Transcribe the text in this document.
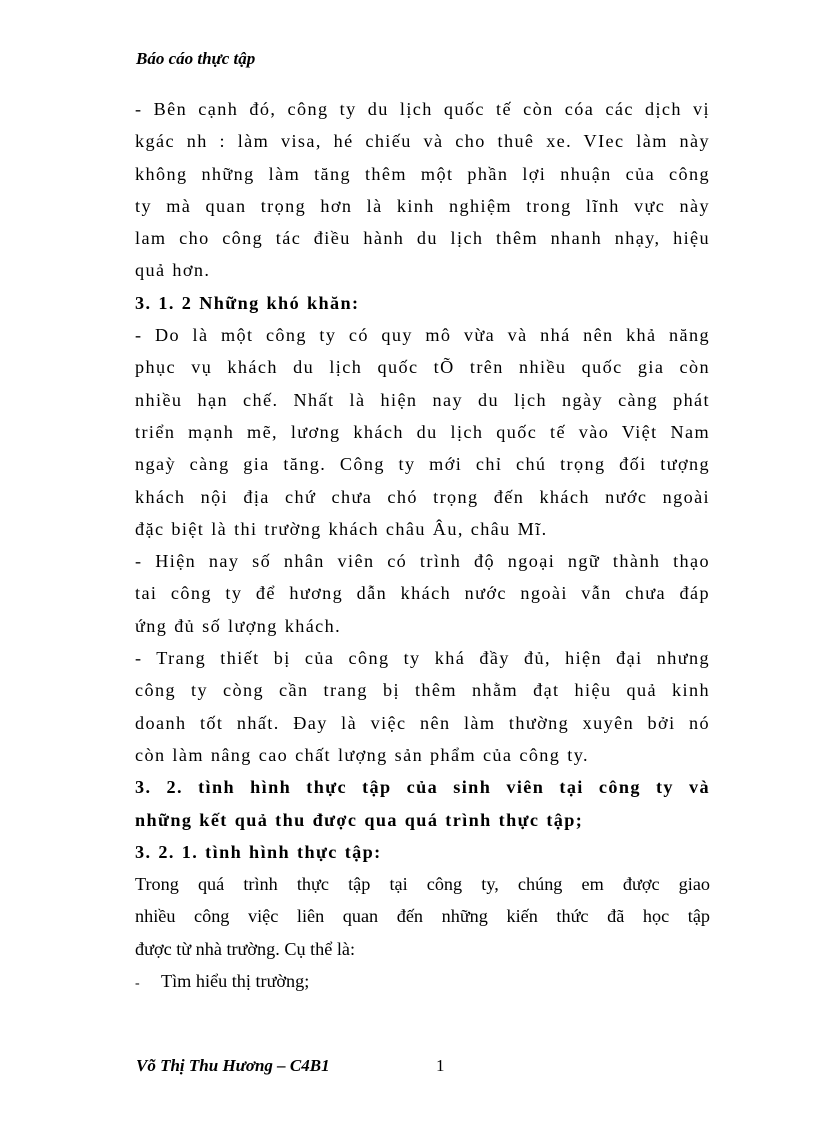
Báo cáo thực tập
- Bên cạnh đó, công ty du lịch quốc tế còn cóa các dịch vị
kgác nh : làm visa, hé chiếu và cho thuê xe. VIec làm này
không những làm tăng thêm một phần lợi nhuận của công
ty mà quan trọng hơn là kinh nghiệm trong lĩnh vực này
lam cho công tác điều hành du lịch thêm nhanh nhạy, hiệu
quả hơn.
3. 1. 2 Những khó khăn:
- Do là một công ty có quy mô vừa và nhá nên khả năng
phục vụ khách du lịch quốc tÕ trên nhiều quốc gia còn
nhiều hạn chế. Nhất là hiện nay du lịch ngày càng phát
triển mạnh mẽ, lương khách du lịch quốc tế vào Việt Nam
ngaỳ càng gia tăng. Công ty mới chỉ chú trọng đối tượng
khách nội địa chứ chưa chó trọng đến khách nước ngoài
đặc biệt là thi trường khách châu Âu, châu Mĩ.
- Hiện nay số nhân viên có trình độ ngoại ngữ thành thạo
tai công ty để hương dẫn khách nước ngoài vẫn chưa đáp
ứng đủ số lượng khách.
- Trang thiết bị của công ty khá đầy đủ, hiện đại nhưng
công ty còng cần trang bị thêm nhằm đạt hiệu quả kinh
doanh tốt nhất. Đay là việc nên làm thường xuyên bởi nó
còn làm nâng cao chất lượng sản phẩm của công ty.
3. 2. tình hình thực tập của sinh viên tại công ty và
những kết quả thu được qua quá trình thực tập;
3. 2. 1. tình hình thực tập:
Trong quá trình thực tập tại công ty, chúng em được giao
nhiều công việc liên quan đến những kiến thức đã học tập
được từ nhà trường. Cụ thể là:
- Tìm hiểu thị trường;
Võ Thị Thu Hương – C4B1	1
